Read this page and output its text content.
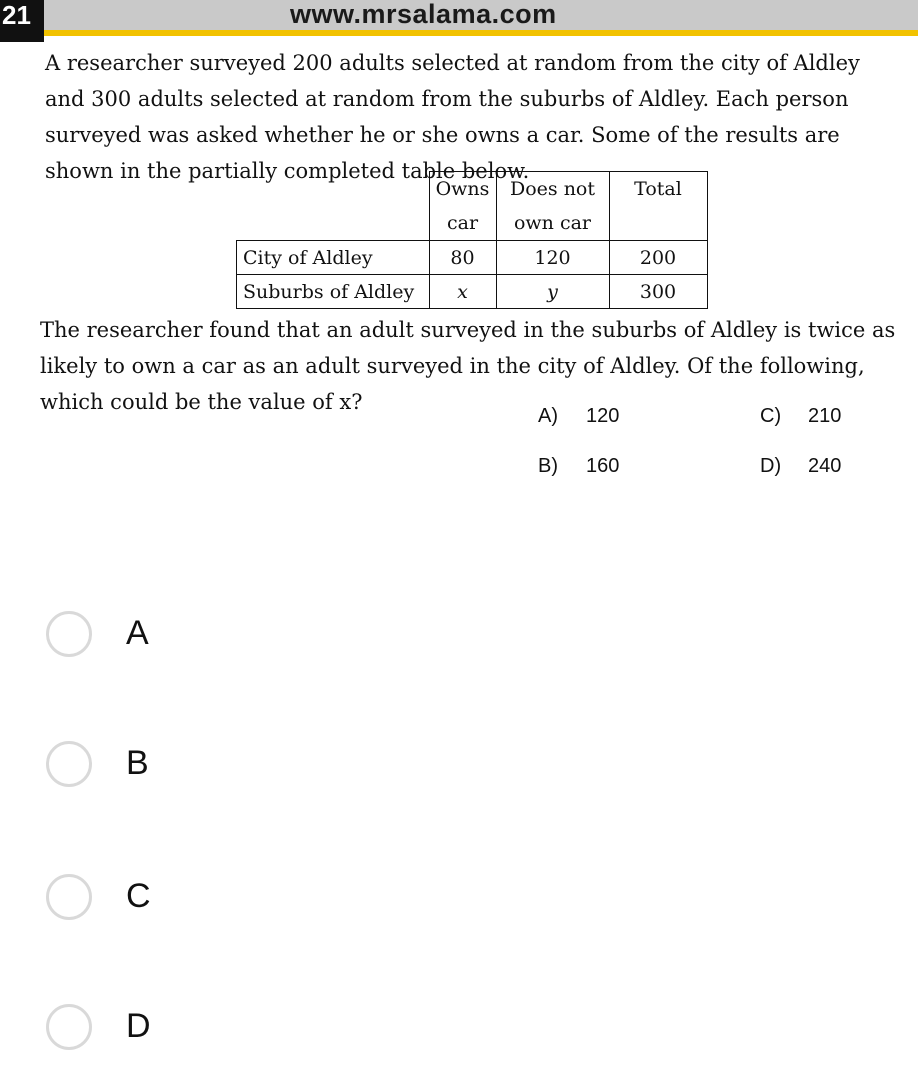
21	www.mrsalama.com

A researcher surveyed 200 adults selected at random from the city of Aldley and 300 adults selected at random from the suburbs of Aldley. Each person surveyed was asked whether he or she owns a car. Some of the results are shown in the partially completed table below.

	Owns car	Does not own car	Total
City of Aldley	80	120	200
Suburbs of Aldley	x	y	300

The researcher found that an adult surveyed in the suburbs of Aldley is twice as likely to own a car as an adult surveyed in the city of Aldley. Of the following, which could be the value of x?

A) 120	C) 210
B) 160	D) 240
A
B
C
D
